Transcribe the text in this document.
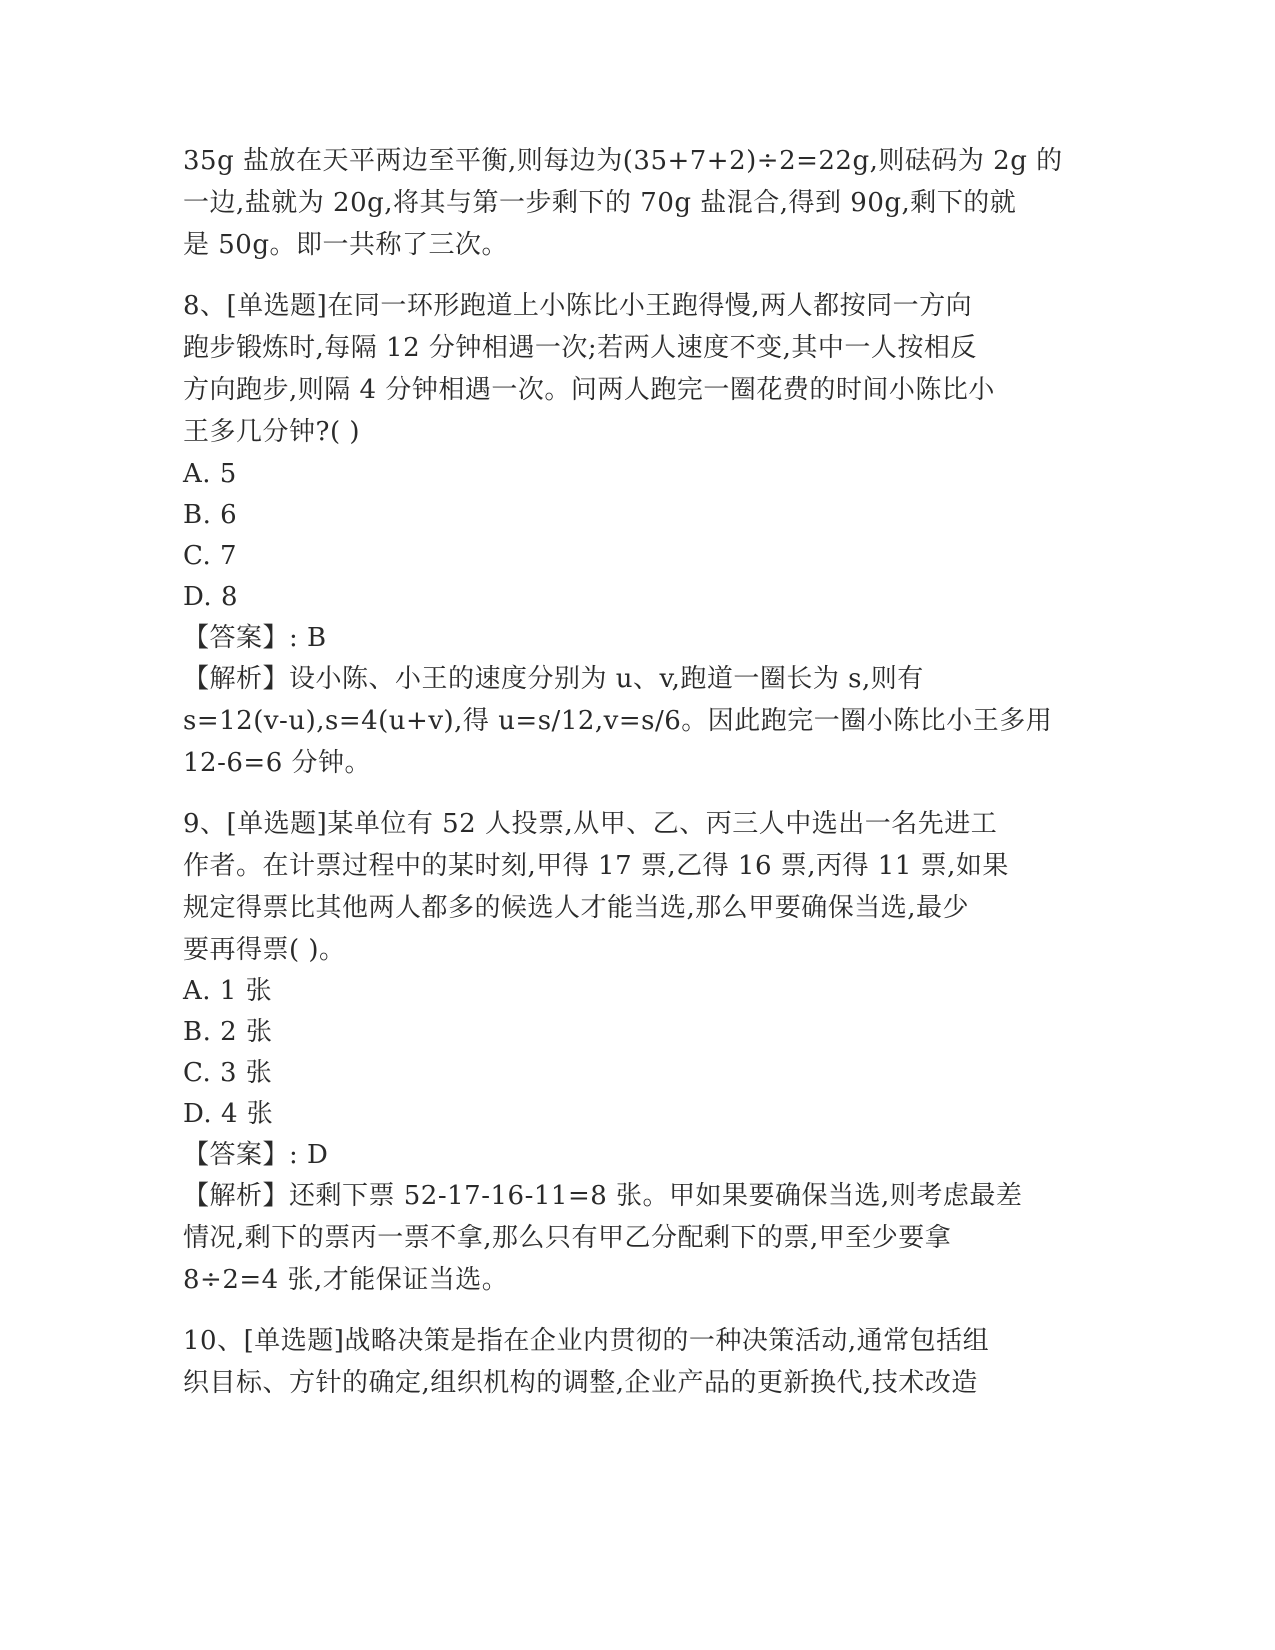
35g 盐放在天平两边至平衡,则每边为(35+7+2)÷2=22g,则砝码为 2g 的
一边,盐就为 20g,将其与第一步剩下的 70g 盐混合,得到 90g,剩下的就
是 50g。即一共称了三次。
8、[单选题]在同一环形跑道上小陈比小王跑得慢,两人都按同一方向
跑步锻炼时,每隔 12 分钟相遇一次;若两人速度不变,其中一人按相反
方向跑步,则隔 4 分钟相遇一次。问两人跑完一圈花费的时间小陈比小
王多几分钟?( )
A. 5
B. 6
C. 7
D. 8
【答案】: B
【解析】设小陈、小王的速度分别为 u、v,跑道一圈长为 s,则有
s=12(v-u),s=4(u+v),得 u=s/12,v=s/6。因此跑完一圈小陈比小王多用
12-6=6 分钟。
9、[单选题]某单位有 52 人投票,从甲、乙、丙三人中选出一名先进工
作者。在计票过程中的某时刻,甲得 17 票,乙得 16 票,丙得 11 票,如果
规定得票比其他两人都多的候选人才能当选,那么甲要确保当选,最少
要再得票( )。
A. 1 张
B. 2 张
C. 3 张
D. 4 张
【答案】: D
【解析】还剩下票 52-17-16-11=8 张。甲如果要确保当选,则考虑最差
情况,剩下的票丙一票不拿,那么只有甲乙分配剩下的票,甲至少要拿
8÷2=4 张,才能保证当选。
10、[单选题]战略决策是指在企业内贯彻的一种决策活动,通常包括组
织目标、方针的确定,组织机构的调整,企业产品的更新换代,技术改造
